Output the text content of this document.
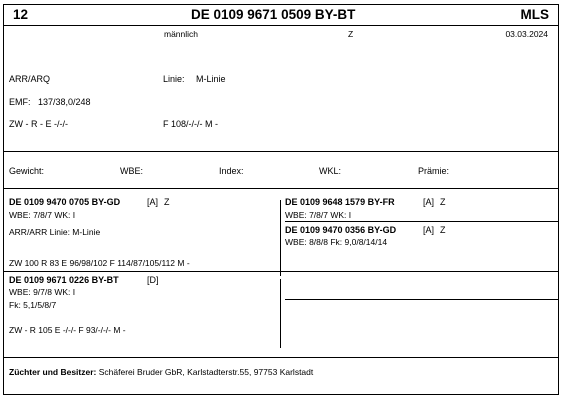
12	DE 0109 9671 0509 BY-BT	MLS
männlich	Z	03.03.2024
ARR/ARQ	Linie: M-Linie
EMF: 137/38,0/248
ZW - R - E -/-/-	F 108/-/-/- M -
Gewicht:	WBE:	Index:	WKL:	Prämie:
DE 0109 9470 0705 BY-GD	[A] Z
WBE: 7/8/7 WK: I
ARR/ARR Linie: M-Linie
ZW 100 R 83 E 96/98/102 F 114/87/105/112 M -
DE 0109 9648 1579 BY-FR	[A] Z
WBE: 7/8/7 WK: I
DE 0109 9470 0356 BY-GD	[A] Z
WBE: 8/8/8 Fk: 9,0/8/14/14
DE 0109 9671 0226 BY-BT	[D]
WBE: 9/7/8 WK: I
Fk: 5,1/5/8/7
ZW - R 105 E -/-/- F 93/-/-/- M -
Züchter und Besitzer: Schäferei Bruder GbR, Karlstadterstr.55, 97753 Karlstadt
